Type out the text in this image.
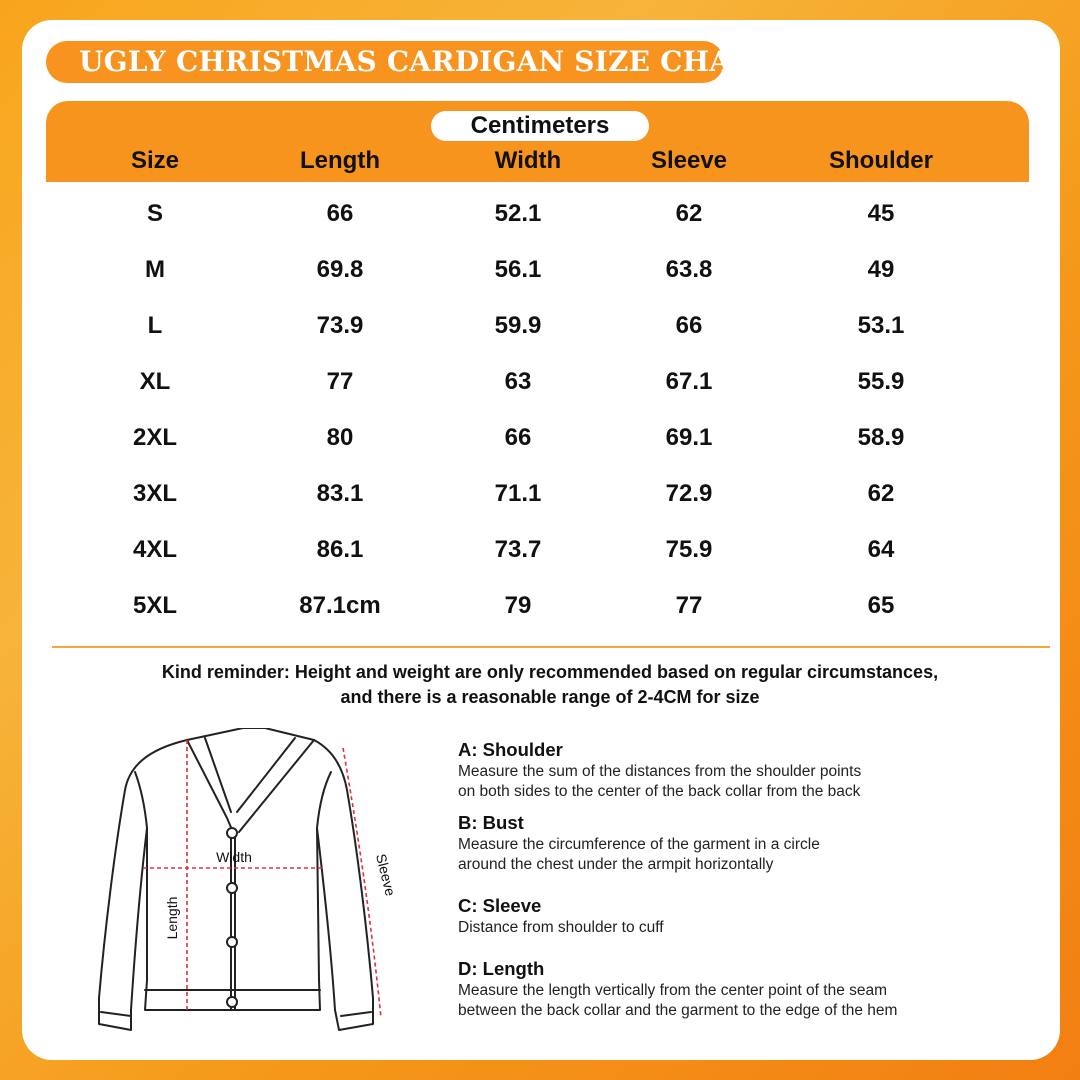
UGLY CHRISTMAS CARDIGAN SIZE CHART
Centimeters
Size	Length	Width	Sleeve	Shoulder
S	66	52.1	62	45
M	69.8	56.1	63.8	49
L	73.9	59.9	66	53.1
XL	77	63	67.1	55.9
2XL	80	66	69.1	58.9
3XL	83.1	71.1	72.9	62
4XL	86.1	73.7	75.9	64
5XL	87.1cm	79	77	65
Kind reminder: Height and weight are only recommended based on regular circumstances,
and there is a reasonable range of 2-4CM for size
Width
Length
Sleeve
A: Shoulder
Measure the sum of the distances from the shoulder points
on both sides to the center of the back collar from the back
B: Bust
Measure the circumference of the garment in a circle
around the chest under the armpit horizontally
C: Sleeve
Distance from shoulder to cuff
D: Length
Measure the length vertically from the center point of the seam
between the back collar and the garment to the edge of the hem
